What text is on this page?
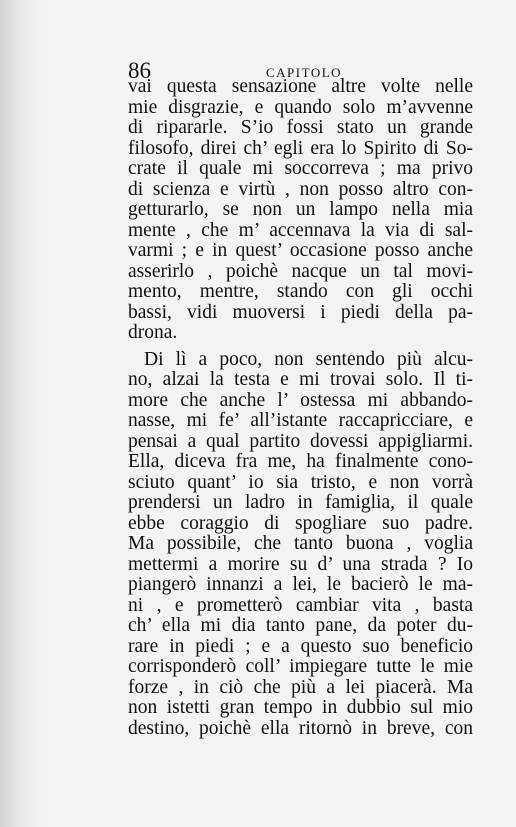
86	CAPITOLO
vai questa sensazione altre volte nelle
mie disgrazie, e quando solo m’avvenne
di ripararle. S’io fossi stato un grande
filosofo, direi ch’ egli era lo Spirito di So-
crate il quale mi soccorreva ; ma privo
di scienza e virtù , non posso altro con-
getturarlo, se non un lampo nella mia
mente , che m’ accennava la via di sal-
varmi ; e in quest’ occasione posso anche
asserirlo , poichè nacque un tal movi-
mento, mentre, stando con gli occhi
bassi, vidi muoversi i piedi della pa-
drona.
Di lì a poco, non sentendo più alcu-
no, alzai la testa e mi trovai solo. Il ti-
more che anche l’ ostessa mi abbando-
nasse, mi fe’ all’istante raccapricciare, e
pensai a qual partito dovessi appigliarmi.
Ella, diceva fra me, ha finalmente cono-
sciuto quant’ io sia tristo, e non vorrà
prendersi un ladro in famiglia, il quale
ebbe coraggio di spogliare suo padre.
Ma possibile, che tanto buona , voglia
mettermi a morire su d’ una strada ? Io
piangerò innanzi a lei, le bacierò le ma-
ni , e prometterò cambiar vita , basta
ch’ ella mi dia tanto pane, da poter du-
rare in piedi ; e a questo suo beneficio
corrisponderò coll’ impiegare tutte le mie
forze , in ciò che più a lei piacerà. Ma
non istetti gran tempo in dubbio sul mio
destino, poichè ella ritornò in breve, con
